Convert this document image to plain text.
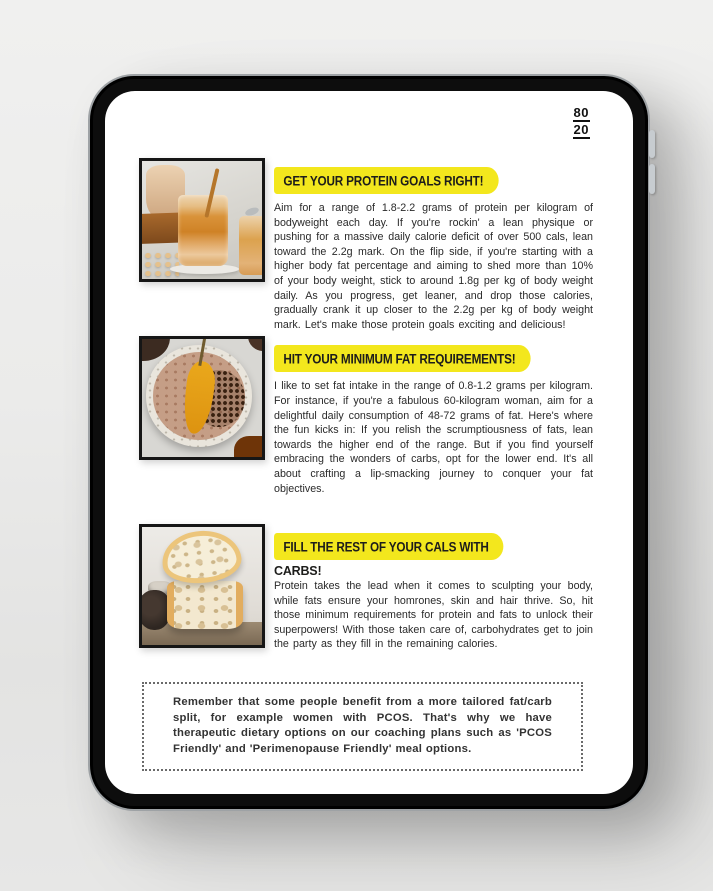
80
20
GET YOUR PROTEIN GOALS RIGHT!

Aim for a range of 1.8-2.2 grams of protein per kilogram of bodyweight each day. If you're rockin' a lean physique or pushing for a massive daily calorie deficit of over 500 cals, lean toward the 2.2g mark. On the flip side, if you're starting with a higher body fat percentage and aiming to shed more than 10% of your body weight, stick to around 1.8g per kg of body weight daily. As you progress, get leaner, and drop those calories, gradually crank it up closer to the 2.2g per kg of body weight mark. Let's make those protein goals exciting and delicious!

HIT YOUR MINIMUM FAT REQUIREMENTS!

I like to set fat intake in the range of 0.8-1.2 grams per kilogram. For instance, if you're a fabulous 60-kilogram woman, aim for a delightful daily consumption of 48-72 grams of fat. Here's where the fun kicks in: If you relish the scrumptiousness of fats, lean towards the higher end of the range. But if you find yourself embracing the wonders of carbs, opt for the lower end. It's all about crafting a lip-smacking journey to conquer your fat objectives.

FILL THE REST OF YOUR CALS WITH
CARBS!

Protein takes the lead when it comes to sculpting your body, while fats ensure your homrones, skin and hair thrive. So, hit those minimum requirements for protein and fats to unlock their superpowers! With those taken care of, carbohydrates get to join the party as they fill in the remaining calories.

Remember that some people benefit from a more tailored fat/carb split, for example women with PCOS. That's why we have therapeutic dietary options on our coaching plans such as 'PCOS Friendly' and 'Perimenopause Friendly' meal options.
